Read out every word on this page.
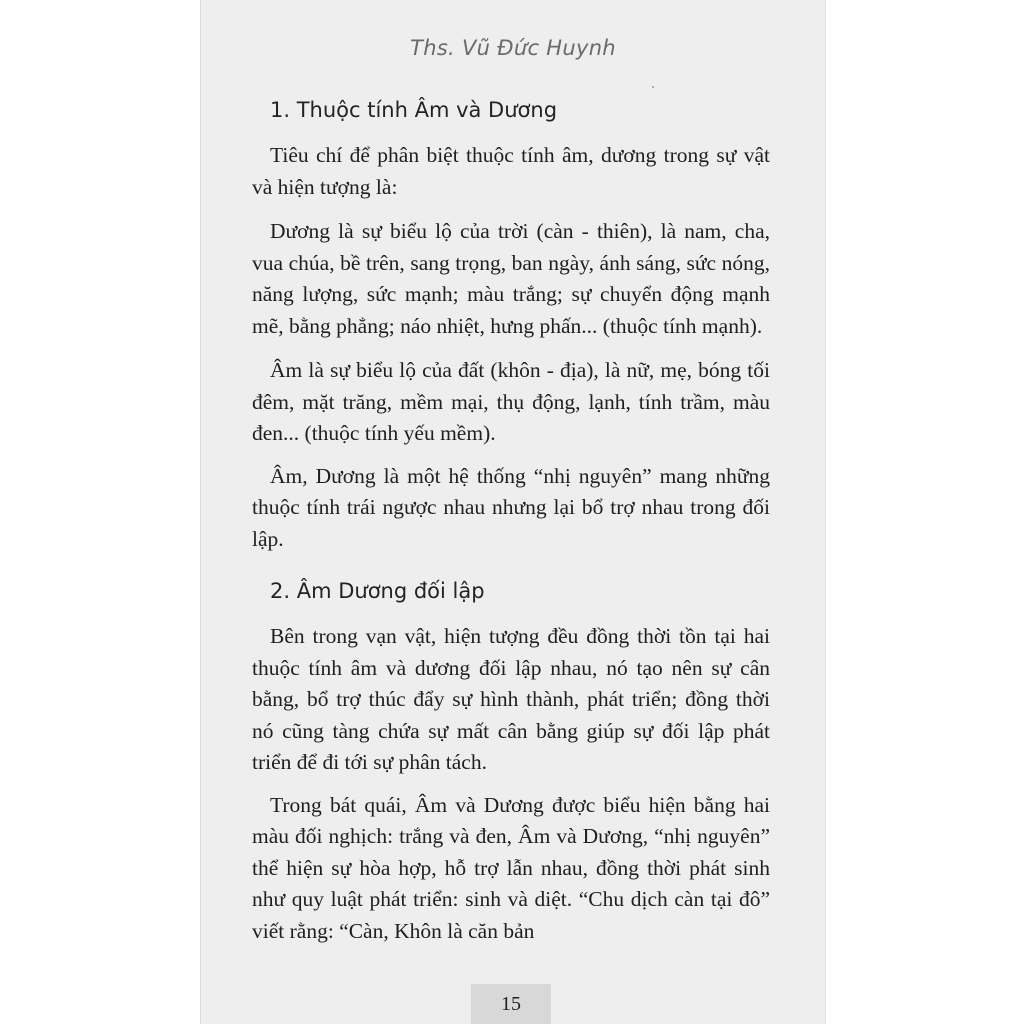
Ths. Vũ Đức Huynh
1. Thuộc tính Âm và Dương

Tiêu chí để phân biệt thuộc tính âm, dương trong sự vật và hiện tượng là:

Dương là sự biểu lộ của trời (càn - thiên), là nam, cha, vua chúa, bề trên, sang trọng, ban ngày, ánh sáng, sức nóng, năng lượng, sức mạnh; màu trắng; sự chuyển động mạnh mẽ, bằng phẳng; náo nhiệt, hưng phấn... (thuộc tính mạnh).

Âm là sự biểu lộ của đất (khôn - địa), là nữ, mẹ, bóng tối đêm, mặt trăng, mềm mại, thụ động, lạnh, tính trầm, màu đen... (thuộc tính yếu mềm).

Âm, Dương là một hệ thống “nhị nguyên” mang những thuộc tính trái ngược nhau nhưng lại bổ trợ nhau trong đối lập.

2. Âm Dương đối lập

Bên trong vạn vật, hiện tượng đều đồng thời tồn tại hai thuộc tính âm và dương đối lập nhau, nó tạo nên sự cân bằng, bổ trợ thúc đẩy sự hình thành, phát triển; đồng thời nó cũng tàng chứa sự mất cân bằng giúp sự đối lập phát triển để đi tới sự phân tách.

Trong bát quái, Âm và Dương được biểu hiện bằng hai màu đối nghịch: trắng và đen, Âm và Dương, “nhị nguyên” thể hiện sự hòa hợp, hỗ trợ lẫn nhau, đồng thời phát sinh như quy luật phát triển: sinh và diệt. “Chu dịch càn tại đô” viết rằng: “Càn, Khôn là căn bản

15
